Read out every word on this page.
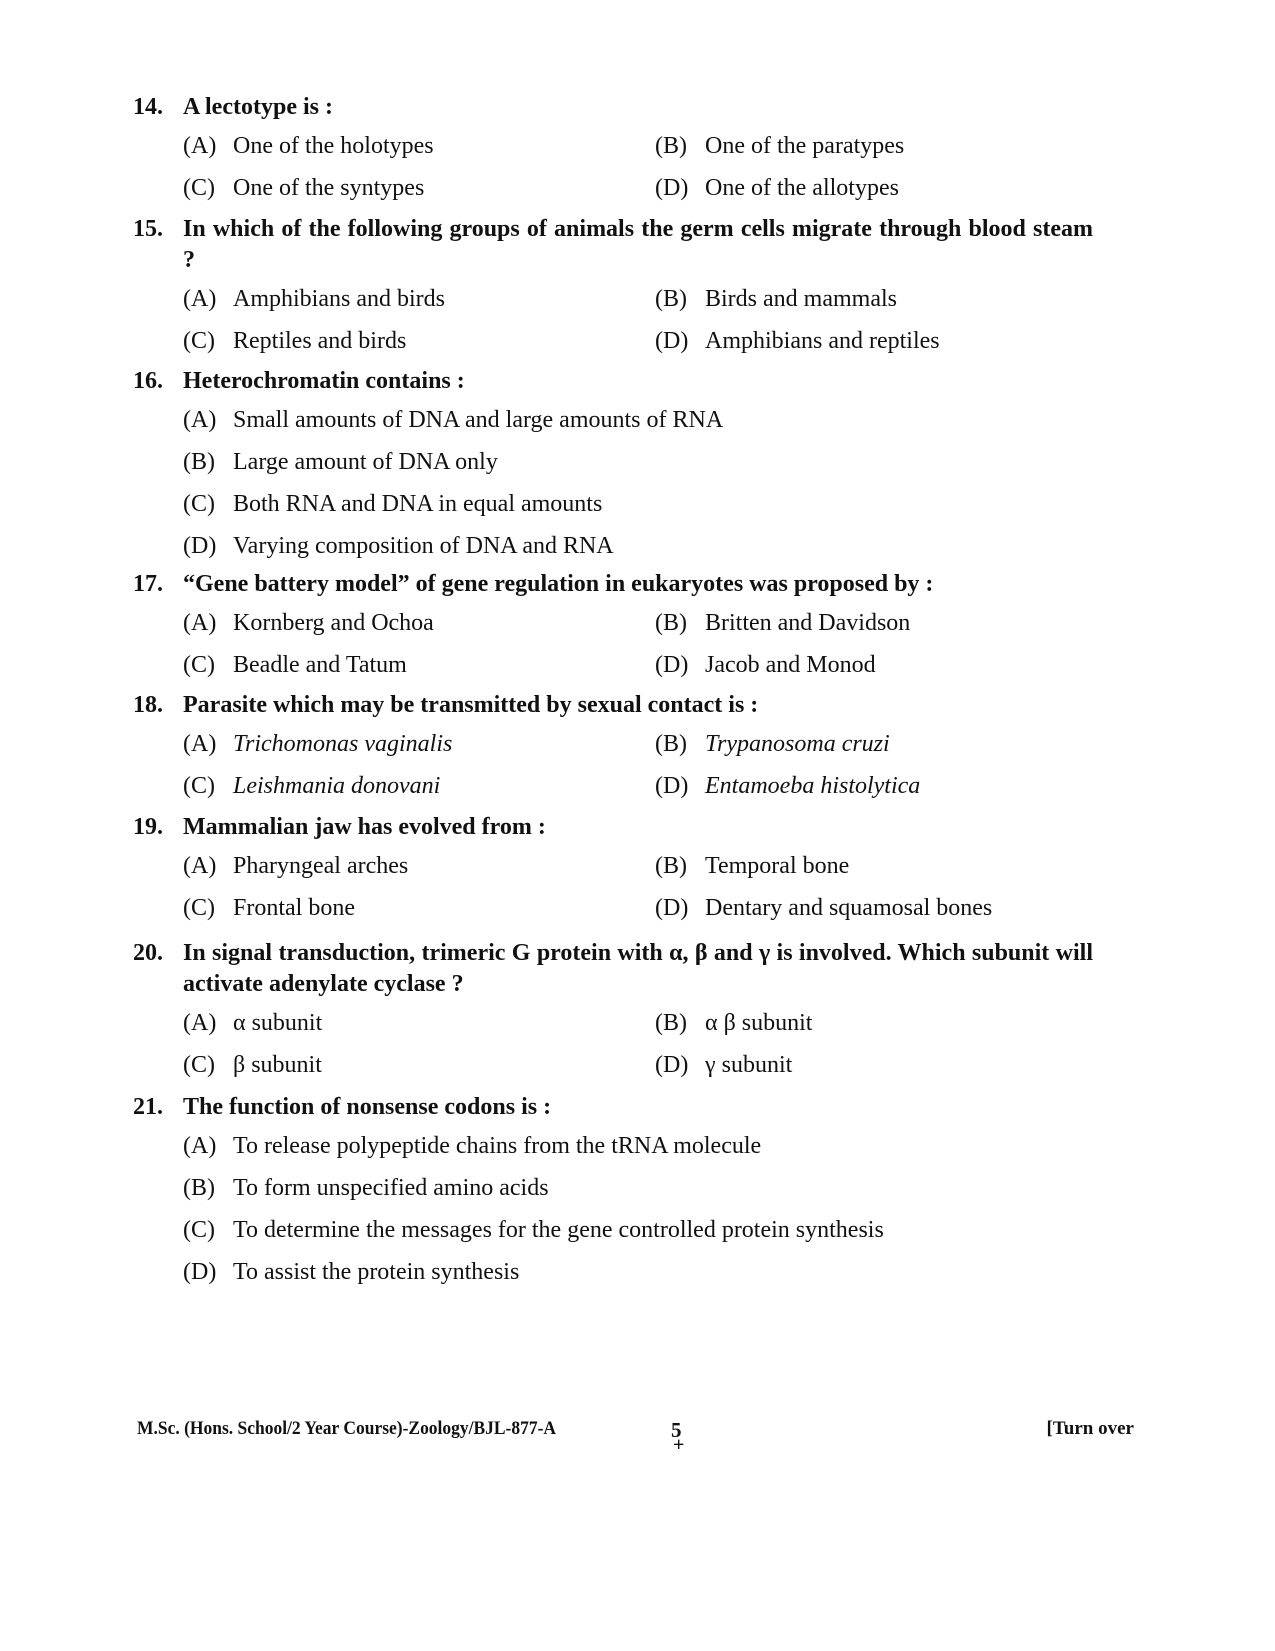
14. A lectotype is :
(A) One of the holotypes	(B) One of the paratypes
(C) One of the syntypes	(D) One of the allotypes
15. In which of the following groups of animals the germ cells migrate through blood steam ?
(A) Amphibians and birds	(B) Birds and mammals
(C) Reptiles and birds	(D) Amphibians and reptiles
16. Heterochromatin contains :
(A) Small amounts of DNA and large amounts of RNA
(B) Large amount of DNA only
(C) Both RNA and DNA in equal amounts
(D) Varying composition of DNA and RNA
17. “Gene battery model” of gene regulation in eukaryotes was proposed by :
(A) Kornberg and Ochoa	(B) Britten and Davidson
(C) Beadle and Tatum	(D) Jacob and Monod
18. Parasite which may be transmitted by sexual contact is :
(A) Trichomonas vaginalis	(B) Trypanosoma cruzi
(C) Leishmania donovani	(D) Entamoeba histolytica
19. Mammalian jaw has evolved from :
(A) Pharyngeal arches	(B) Temporal bone
(C) Frontal bone	(D) Dentary and squamosal bones
20. In signal transduction, trimeric G protein with α, β and γ is involved. Which subunit will activate adenylate cyclase ?
(A) α subunit	(B) α β subunit
(C) β subunit	(D) γ subunit
21. The function of nonsense codons is :
(A) To release polypeptide chains from the tRNA molecule
(B) To form unspecified amino acids
(C) To determine the messages for the gene controlled protein synthesis
(D) To assist the protein synthesis
M.Sc. (Hons. School/2 Year Course)-Zoology/BJL-877-A	5
+
[Turn over
